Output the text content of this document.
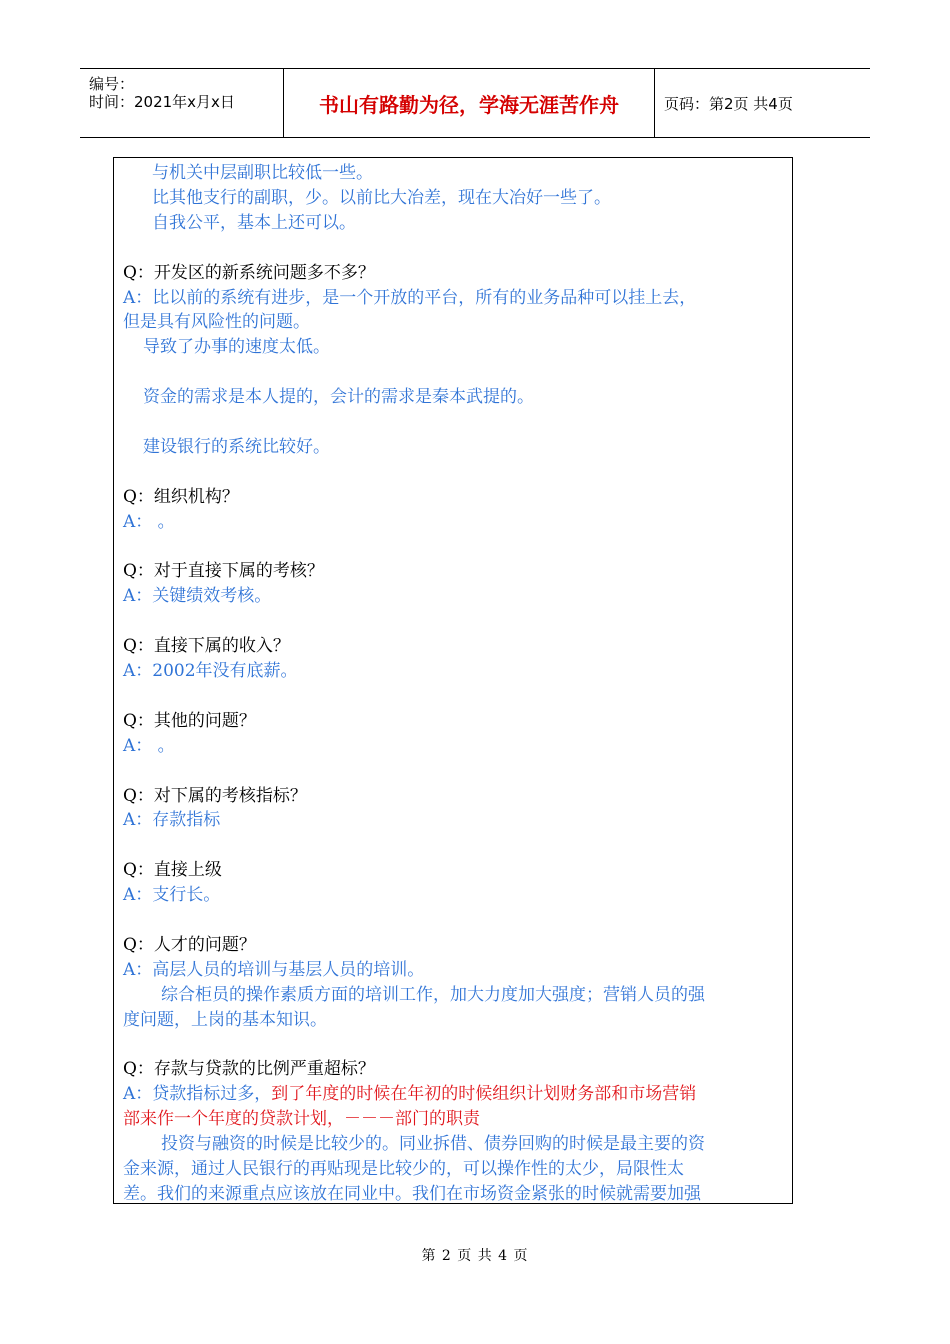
编号：
时间：2021年x月x日	书山有路勤为径，学海无涯苦作舟	页码：第2页 共4页

与机关中层副职比较低一些。

比其他支行的副职，少。以前比大冶差，现在大冶好一些了。

自我公平，基本上还可以。

Q：开发区的新系统问题多不多？

A：比以前的系统有进步，是一个开放的平台，所有的业务品种可以挂上去，

但是具有风险性的问题。

导致了办事的速度太低。

资金的需求是本人提的，会计的需求是秦本武提的。

建设银行的系统比较好。

Q：组织机构？

A： 。

Q：对于直接下属的考核？

A：关键绩效考核。

Q：直接下属的收入？

A：2002年没有底薪。

Q：其他的问题？

A： 。

Q：对下属的考核指标？

A：存款指标

Q：直接上级

A：支行长。

Q：人才的问题？

A：高层人员的培训与基层人员的培训。

综合柜员的操作素质方面的培训工作，加大力度加大强度；营销人员的强

度问题，上岗的基本知识。

Q：存款与贷款的比例严重超标？

A：贷款指标过多，到了年度的时候在年初的时候组织计划财务部和市场营销

部来作一个年度的贷款计划，－－－部门的职责

投资与融资的时候是比较少的。同业拆借、债券回购的时候是最主要的资

金来源，通过人民银行的再贴现是比较少的，可以操作性的太少，局限性太

差。我们的来源重点应该放在同业中。我们在市场资金紧张的时候就需要加强

第 2 页 共 4 页
